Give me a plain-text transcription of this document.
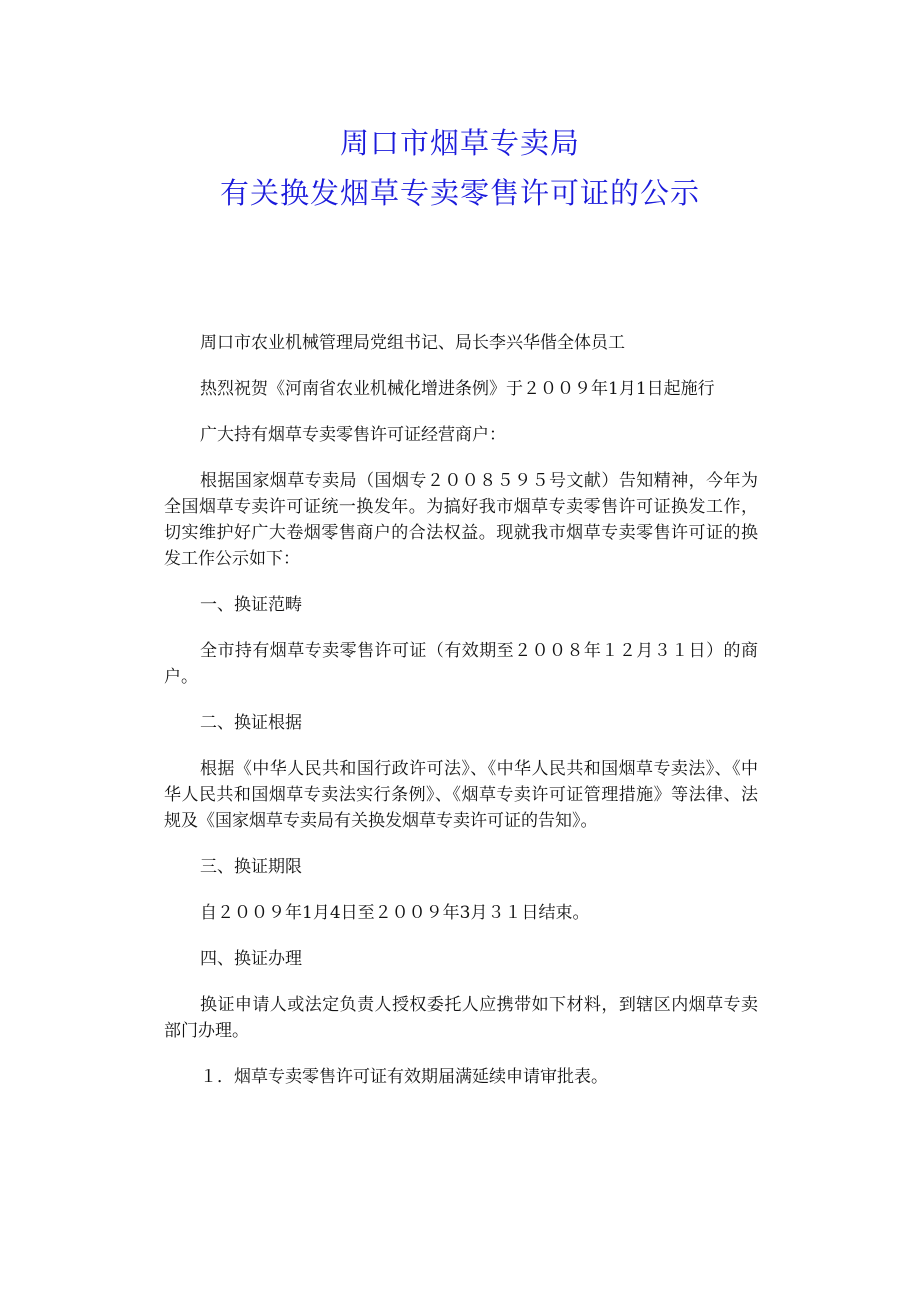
周口市烟草专卖局

有关换发烟草专卖零售许可证的公示

周口市农业机械管理局党组书记、局长李兴华偕全体员工

热烈祝贺《河南省农业机械化增进条例》于２００９年1月1日起施行

广大持有烟草专卖零售许可证经营商户：

根据国家烟草专卖局（国烟专２００８５９５号文献）告知精神，今年为全国烟草专卖许可证统一换发年。为搞好我市烟草专卖零售许可证换发工作，切实维护好广大卷烟零售商户的合法权益。现就我市烟草专卖零售许可证的换发工作公示如下：

一、换证范畴

全市持有烟草专卖零售许可证（有效期至２００８年１２月３１日）的商户。

二、换证根据

根据《中华人民共和国行政许可法》、《中华人民共和国烟草专卖法》、《中华人民共和国烟草专卖法实行条例》、《烟草专卖许可证管理措施》等法律、法规及《国家烟草专卖局有关换发烟草专卖许可证的告知》。

三、换证期限

自２００９年1月4日至２００９年3月３１日结束。

四、换证办理

换证申请人或法定负责人授权委托人应携带如下材料，到辖区内烟草专卖部门办理。

１．烟草专卖零售许可证有效期届满延续申请审批表。
